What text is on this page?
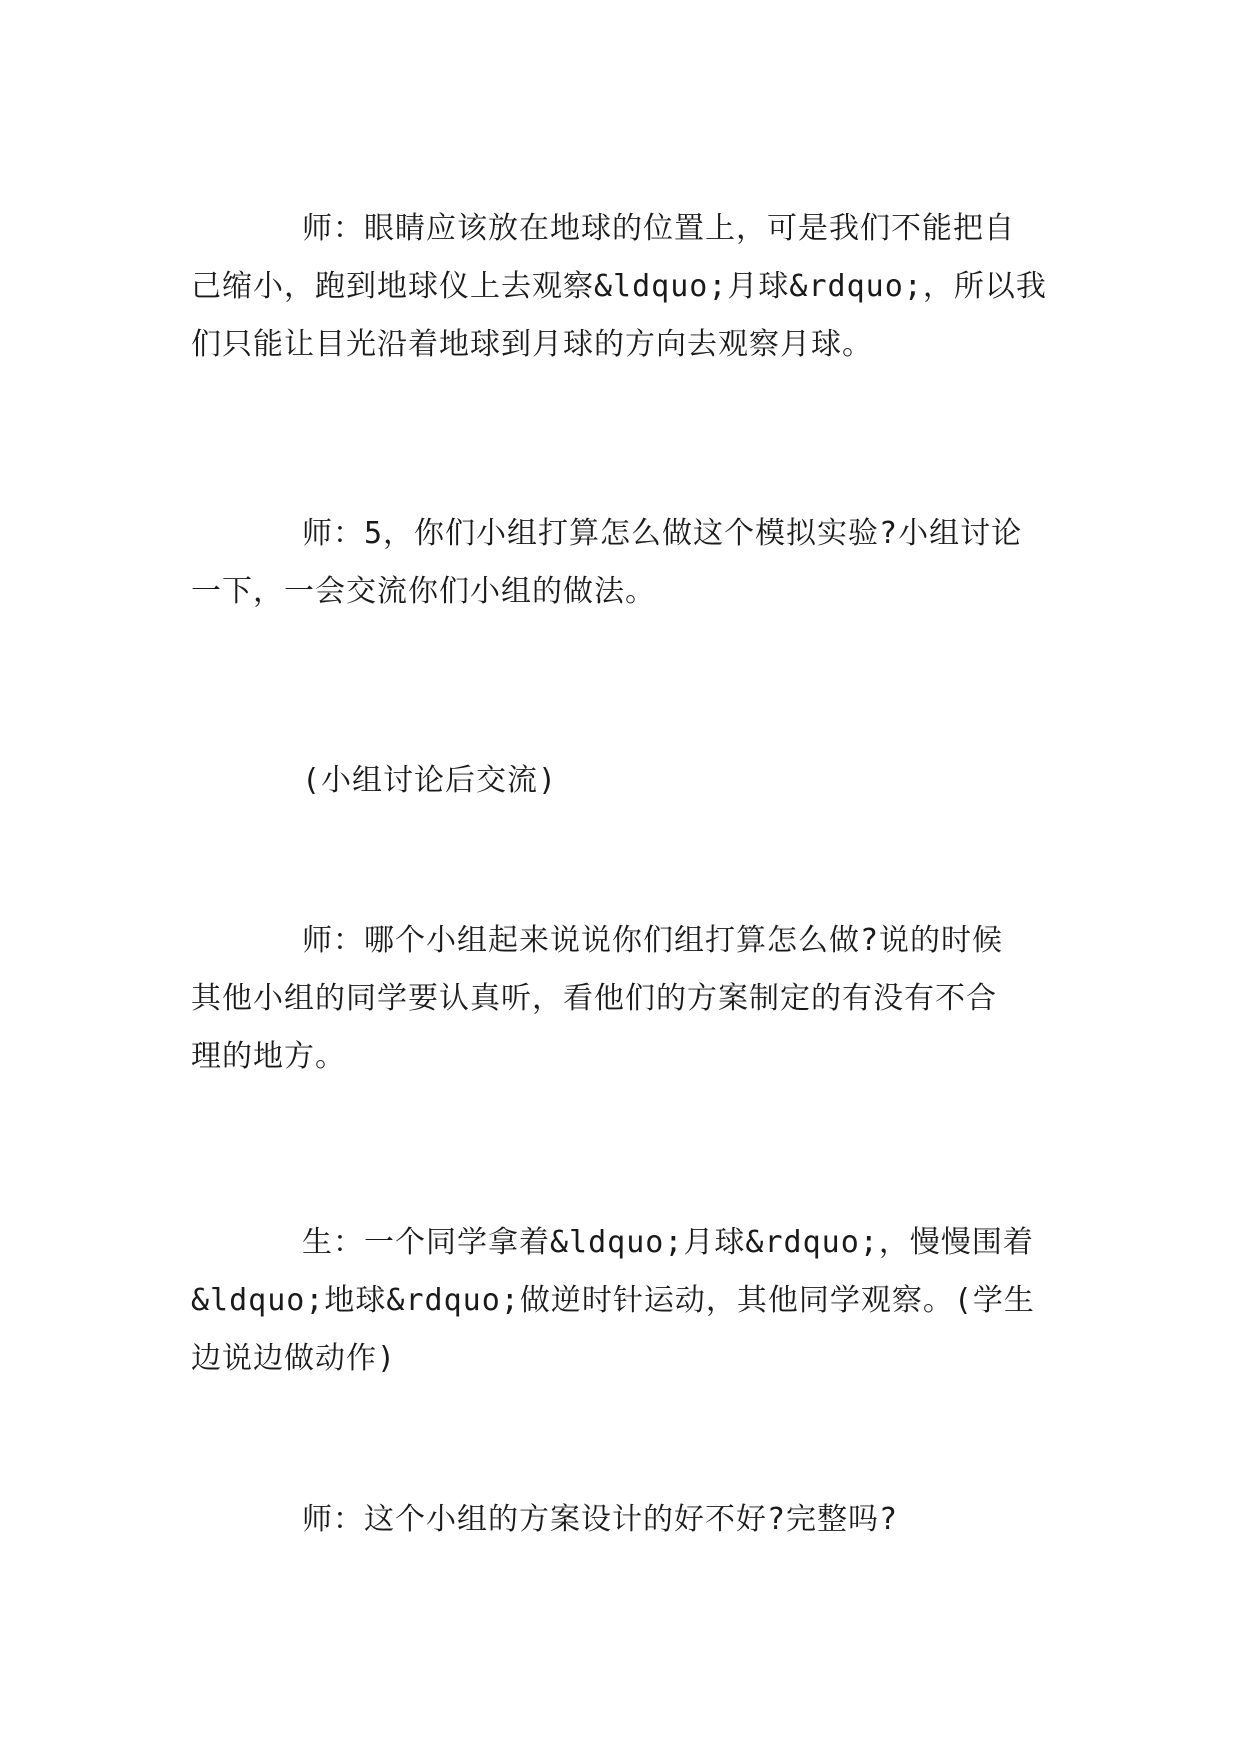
师：眼睛应该放在地球的位置上，可是我们不能把自
己缩小，跑到地球仪上去观察&ldquo;月球&rdquo;，所以我
们只能让目光沿着地球到月球的方向去观察月球。
师：5，你们小组打算怎么做这个模拟实验?小组讨论
一下，一会交流你们小组的做法。
(小组讨论后交流)
师：哪个小组起来说说你们组打算怎么做?说的时候
其他小组的同学要认真听，看他们的方案制定的有没有不合
理的地方。
生：一个同学拿着&ldquo;月球&rdquo;，慢慢围着
&ldquo;地球&rdquo;做逆时针运动，其他同学观察。(学生
边说边做动作)
师：这个小组的方案设计的好不好?完整吗?
